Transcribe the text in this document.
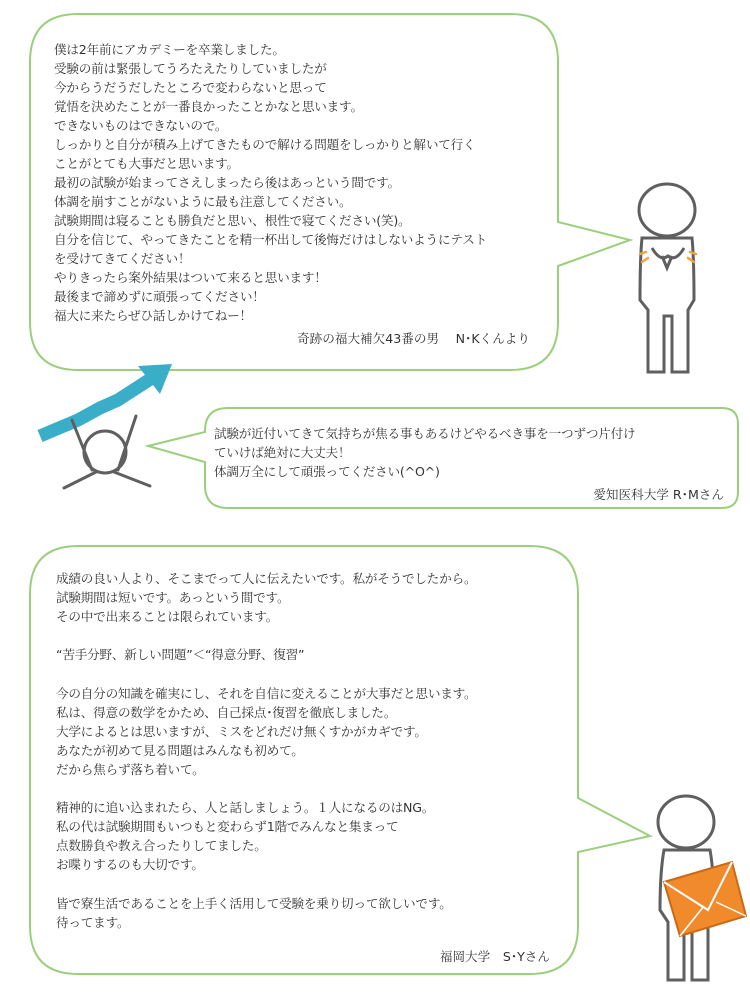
僕は2年前にアカデミーを卒業しました。
受験の前は緊張してうろたえたりしていましたが
今からうだうだしたところで変わらないと思って
覚悟を決めたことが一番良かったことかなと思います。
できないものはできないので。
しっかりと自分が積み上げてきたもので解ける問題をしっかりと解いて行く
ことがとても大事だと思います。
最初の試験が始まってさえしまったら後はあっという間です。
体調を崩すことがないように最も注意してください。
試験期間は寝ることも勝負だと思い、根性で寝てください(笑)。
自分を信じて、やってきたことを精一杯出して後悔だけはしないようにテスト
を受けてきてください！
やりきったら案外結果はついて来ると思います！
最後まで諦めずに頑張ってください！
福大に来たらぜひ話しかけてねー！
奇跡の福大補欠43番の男　 N･Kくんより
試験が近付いてきて気持ちが焦る事もあるけどやるべき事を一つずつ片付け
ていけば絶対に大丈夫！
体調万全にして頑張ってください(^O^)
愛知医科大学 R･Mさん
成績の良い人より、そこまでって人に伝えたいです。私がそうでしたから。
試験期間は短いです。あっという間です。
その中で出来ることは限られています。
“苦手分野、新しい問題”＜“得意分野、復習”
今の自分の知識を確実にし、それを自信に変えることが大事だと思います。
私は、得意の数学をかため、自己採点･復習を徹底しました。
大学によるとは思いますが、ミスをどれだけ無くすかがカギです。
あなたが初めて見る問題はみんなも初めて。
だから焦らず落ち着いて。
精神的に追い込まれたら、人と話しましょう。１人になるのはNG。
私の代は試験期間もいつもと変わらず1階でみんなと集まって
点数勝負や教え合ったりしてました。
お喋りするのも大切です。
皆で寮生活であることを上手く活用して受験を乗り切って欲しいです。
待ってます。
福岡大学　S･Yさん
